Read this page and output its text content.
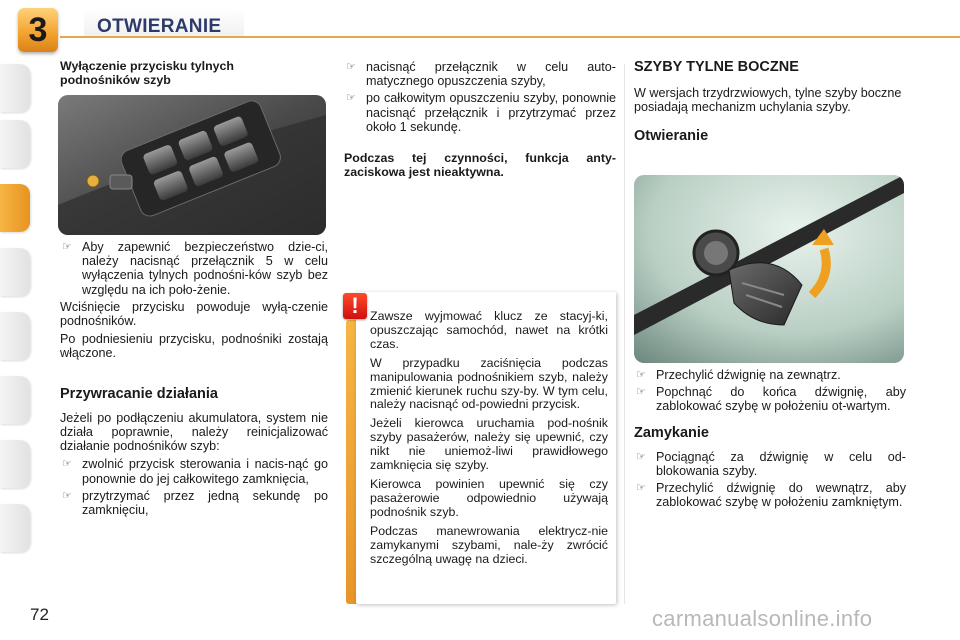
3	OTWIERANIE
Wyłączenie przycisku tylnych podnośników szyb
☞ Aby zapewnić bezpieczeństwo dzie-ci, należy nacisnąć przełącznik 5 w celu wyłączenia tylnych podnośni-ków szyb bez względu na ich poło-żenie.

Wciśnięcie przycisku powoduje wyłą-czenie podnośników.

Po podniesieniu przycisku, podnośniki zostają włączone.

Przywracanie działania

Jeżeli po podłączeniu akumulatora, system nie działa poprawnie, należy reinicjalizować działanie podnośników szyb:

☞ zwolnić przycisk sterowania i nacis-nąć go ponownie do jej całkowitego zamknięcia,
☞ przytrzymać przez jedną sekundę po zamknięciu,
☞ nacisnąć przełącznik w celu auto-matycznego opuszczenia szyby,
☞ po całkowitym opuszczeniu szyby, ponownie nacisnąć przełącznik i przytrzymać przez około 1 sekundę.
Podczas tej czynności, funkcja anty-zaciskowa jest nieaktywna.

Zawsze wyjmować klucz ze stacyj-ki, opuszczając samochód, nawet na krótki czas.

W przypadku zaciśnięcia podczas manipulowania podnośnikiem szyb, należy zmienić kierunek ruchu szy-by. W tym celu, należy nacisnąć od-powiedni przycisk.

Jeżeli kierowca uruchamia pod-nośnik szyby pasażerów, należy się upewnić, czy nikt nie uniemoż-liwi prawidłowego zamknięcia się szyby.

Kierowca powinien upewnić się czy pasażerowie odpowiednio używają podnośnik szyb.

Podczas manewrowania elektrycz-nie zamykanymi szybami, nale-ży zwrócić szczególną uwagę na dzieci.

!
SZYBY TYLNE BOCZNE

W wersjach trzydrzwiowych, tylne szyby boczne posiadają mechanizm uchylania szyby.

Otwieranie
☞ Przechylić dźwignię na zewnątrz.
☞ Popchnąć do końca dźwignię, aby zablokować szybę w położeniu ot-wartym.
Zamykanie
☞ Pociągnąć za dźwignię w celu od-blokowania szyby.
☞ Przechylić dźwignię do wewnątrz, aby zablokować szybę w położeniu zamkniętym.
72	carmanualsonline.info
